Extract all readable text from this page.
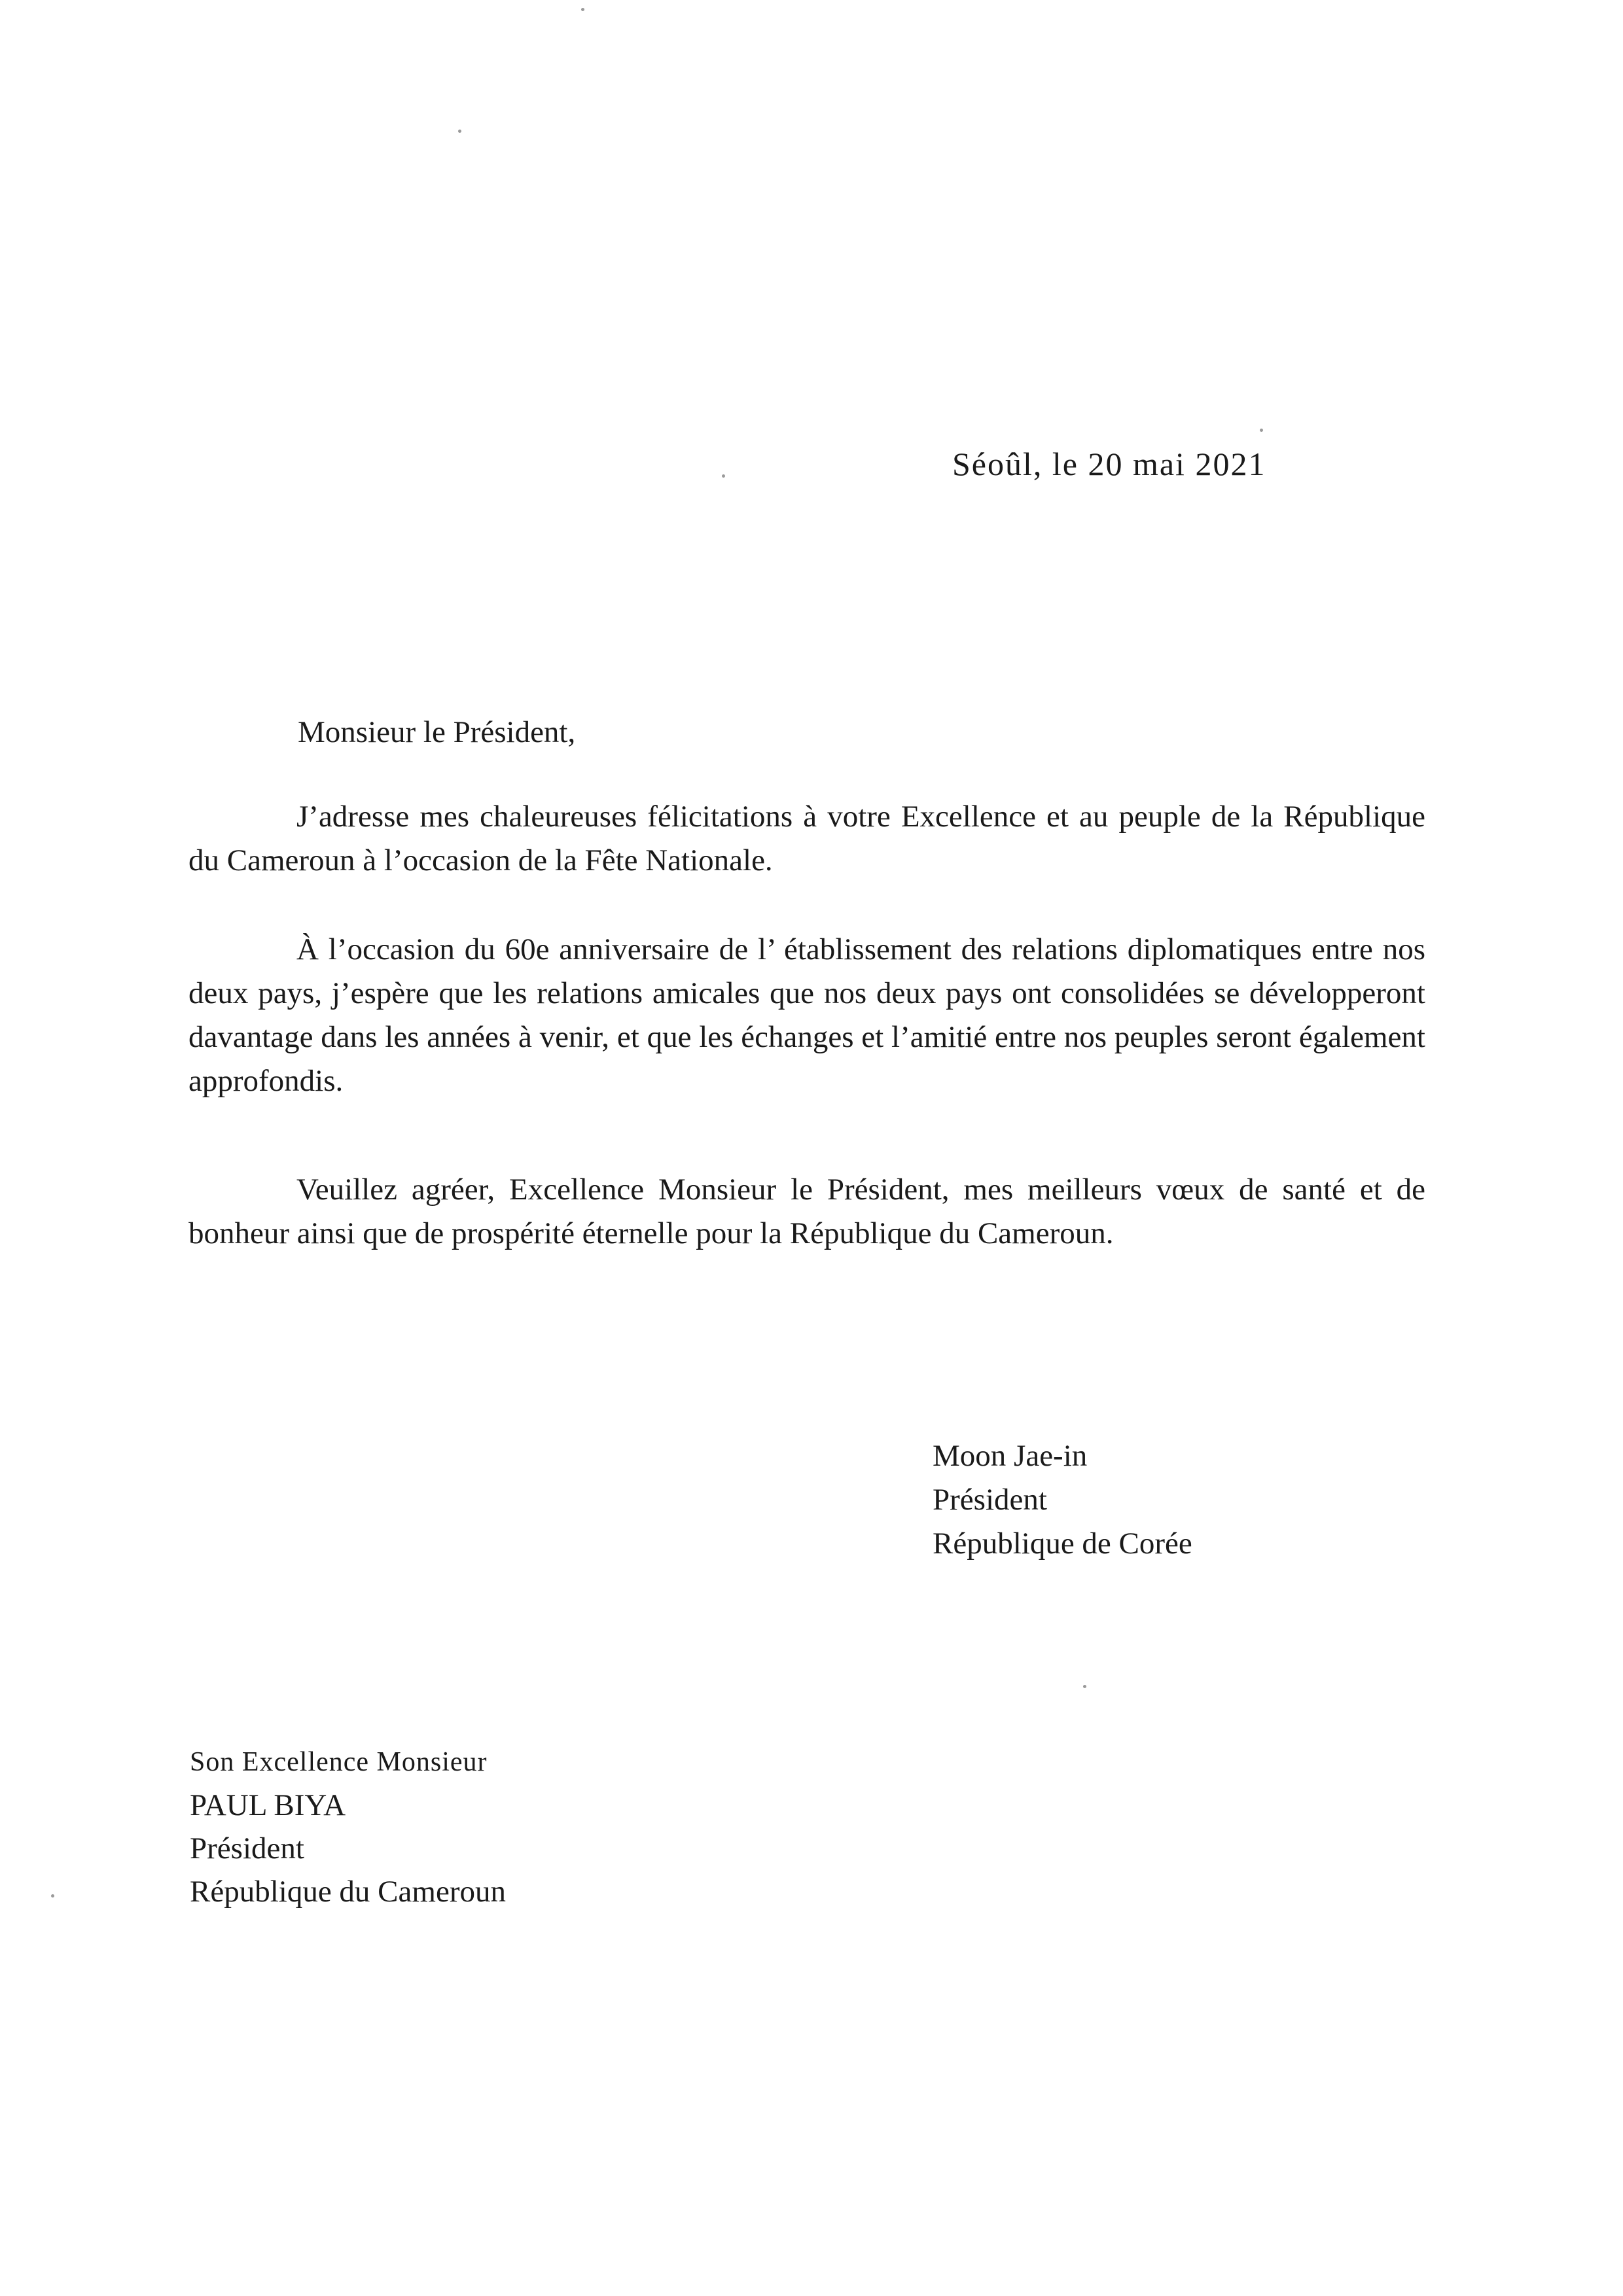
Séoûl, le 20 mai 2021
Monsieur le Président,

J’adresse mes chaleureuses félicitations à votre Excellence et au peuple de la République du Cameroun à l’occasion de la Fête Nationale.

À l’occasion du 60e anniversaire de l’ établissement des relations diplomatiques entre nos deux pays, j’espère que les relations amicales que nos deux pays ont consolidées se développeront davantage dans les années à venir, et que les échanges et l’amitié entre nos peuples seront également approfondis.

Veuillez agréer, Excellence Monsieur le Président, mes meilleurs vœux de santé et de bonheur ainsi que de prospérité éternelle pour la République du Cameroun.

Moon Jae-in
Président
République de Corée
Son Excellence Monsieur
PAUL BIYA
Président
République du Cameroun
